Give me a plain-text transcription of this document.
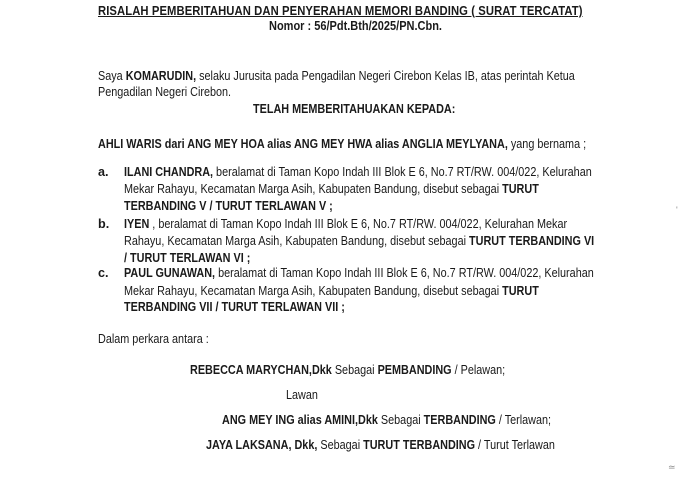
RISALAH PEMBERITAHUAN DAN PENYERAHAN MEMORI BANDING ( SURAT TERCATAT)
Nomor : 56/Pdt.Bth/2025/PN.Cbn.
Saya KOMARUDIN, selaku Jurusita pada Pengadilan Negeri Cirebon Kelas IB, atas perintah Ketua
Pengadilan Negeri Cirebon.
TELAH MEMBERITAHUAKAN KEPADA:
AHLI WARIS dari ANG MEY HOA alias ANG MEY HWA alias ANGLIA MEYLYANA, yang bernama ;
a. ILANI CHANDRA, beralamat di Taman Kopo Indah III Blok E 6, No.7 RT/RW. 004/022, Kelurahan
Mekar Rahayu, Kecamatan Marga Asih, Kabupaten Bandung, disebut sebagai TURUT
TERBANDING V / TURUT TERLAWAN V ;
b. IYEN , beralamat di Taman Kopo Indah III Blok E 6, No.7 RT/RW. 004/022, Kelurahan Mekar
Rahayu, Kecamatan Marga Asih, Kabupaten Bandung, disebut sebagai TURUT TERBANDING VI
/ TURUT TERLAWAN VI ;
c. PAUL GUNAWAN, beralamat di Taman Kopo Indah III Blok E 6, No.7 RT/RW. 004/022, Kelurahan
Mekar Rahayu, Kecamatan Marga Asih, Kabupaten Bandung, disebut sebagai TURUT
TERBANDING VII / TURUT TERLAWAN VII ;
Dalam perkara antara :
REBECCA MARYCHAN,Dkk Sebagai PEMBANDING / Pelawan;
Lawan
ANG MEY ING alias AMINI,Dkk Sebagai TERBANDING / Terlawan;
JAYA LAKSANA, Dkk, Sebagai TURUT TERBANDING / Turut Terlawan
'
≃
